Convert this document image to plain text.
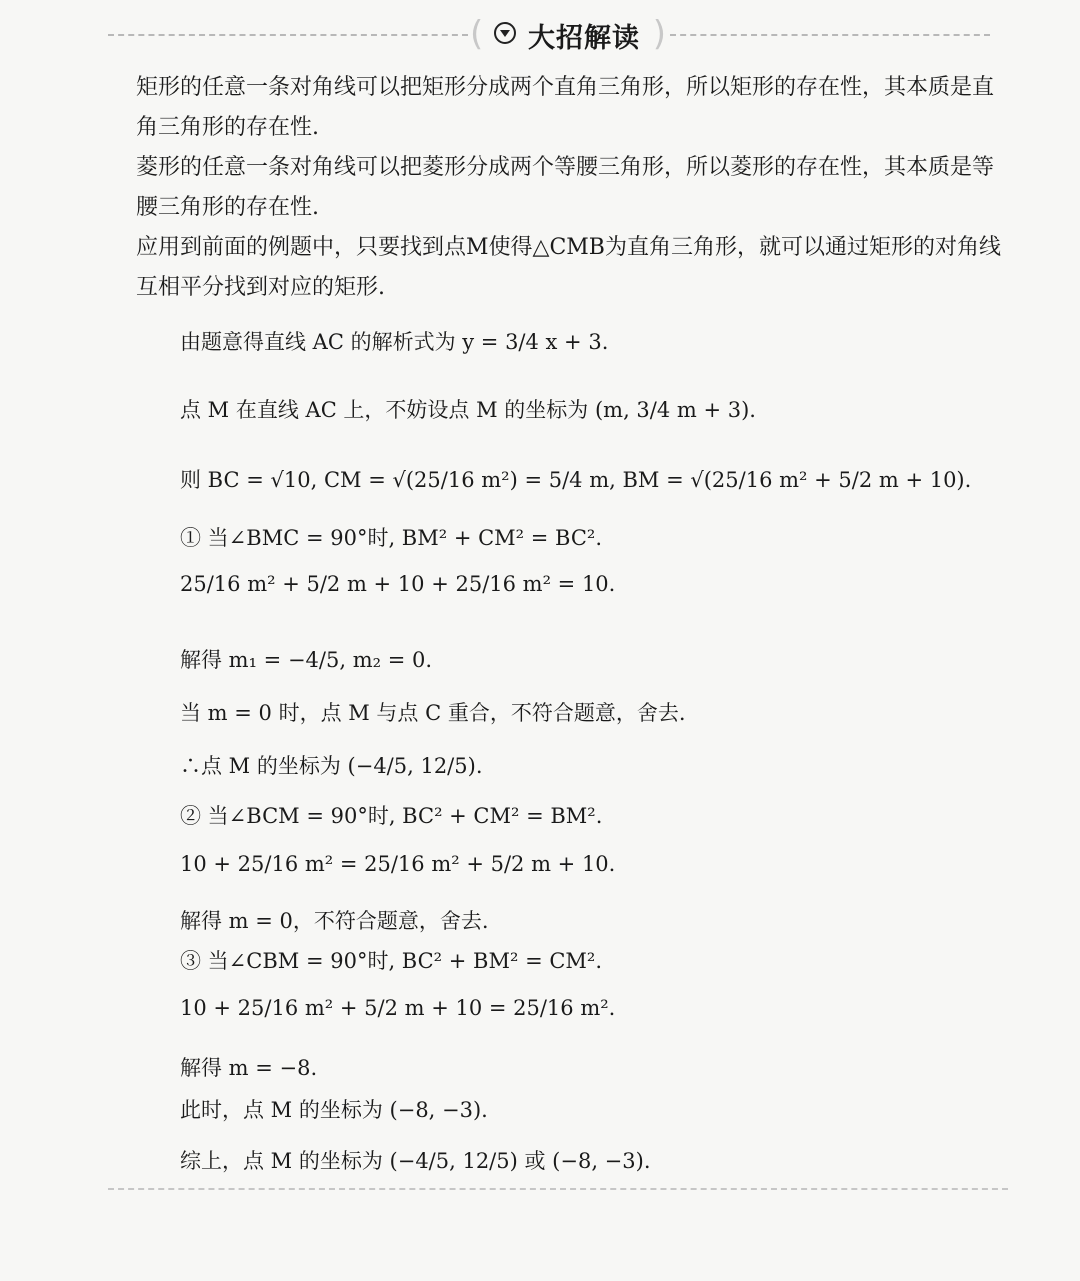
( 大招解读 )
矩形的任意一条对角线可以把矩形分成两个直角三角形，所以矩形的存在性，其本质是直角三角形的存在性.
菱形的任意一条对角线可以把菱形分成两个等腰三角形，所以菱形的存在性，其本质是等腰三角形的存在性.
应用到前面的例题中，只要找到点M使得△CMB为直角三角形，就可以通过矩形的对角线互相平分找到对应的矩形.
由题意得直线 AC 的解析式为 y = 3/4 x + 3.
点 M 在直线 AC 上，不妨设点 M 的坐标为 (m, 3/4 m + 3).
则 BC = √10, CM = √(25/16 m²) = 5/4 m, BM = √(25/16 m² + 5/2 m + 10).
① 当∠BMC = 90°时, BM² + CM² = BC².
25/16 m² + 5/2 m + 10 + 25/16 m² = 10.
解得 m₁ = −4/5, m₂ = 0.
当 m = 0 时，点 M 与点 C 重合，不符合题意，舍去.
∴点 M 的坐标为 (−4/5, 12/5).
② 当∠BCM = 90°时, BC² + CM² = BM².
10 + 25/16 m² = 25/16 m² + 5/2 m + 10.
解得 m = 0，不符合题意，舍去.
③ 当∠CBM = 90°时, BC² + BM² = CM².
10 + 25/16 m² + 5/2 m + 10 = 25/16 m².
解得 m = −8.
此时，点 M 的坐标为 (−8, −3).
综上，点 M 的坐标为 (−4/5, 12/5) 或 (−8, −3).
